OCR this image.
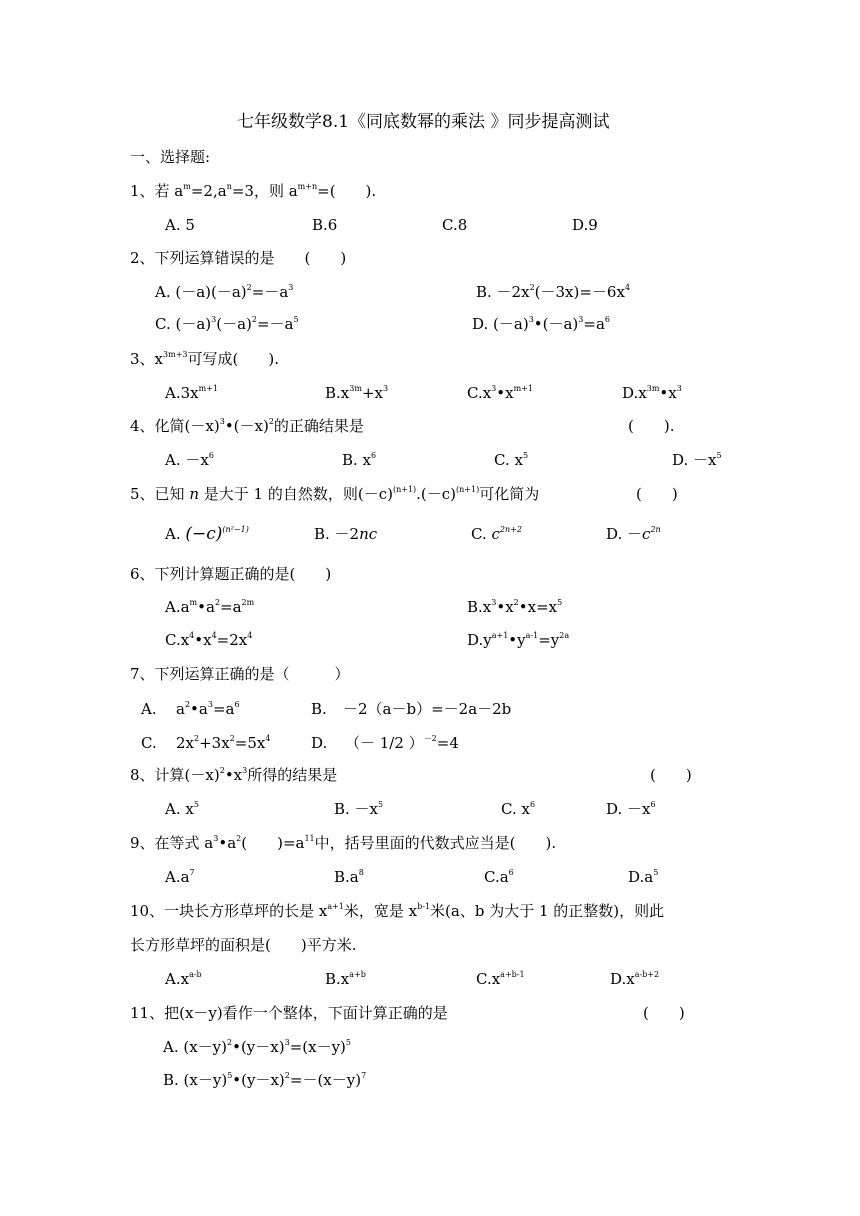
七年级数学8.1《同底数幂的乘法 》同步提高测试
一、选择题:
1、若 $a^m=2,a^n=3$，则 $a^{m+n}=$(　　).
A. 5	B.6	C.8	D.9
2、下列运算错误的是　　(　　)
A. $(-a)(-a)^2=-a^3$	B. $-2x^2(-3x)=-6x^4$
C. $(-a)^3(-a)^2=-a^5$	D. $(-a)^3•(-a)^3=a^6$
3、$x^{3m+3}$可写成(　　).
$A.3x^{m+1}$	$B.x^{3m}+x^3$	$C.x^3•x^{m+1}$	$D.x^{3m}•x^3$
4、化简$(-x)^3•(-x)^2$的正确结果是	(　　).
A. $-x^6$	B. $x^6$	C. $x^5$	D. $-x^5$
5、已知 n 是大于 1 的自然数，则$(-c)^{(n+1)}.(-c)^{(n+1)}$可化简为	(　　)
A. $(-c)^{(n^2-1)}$	B. －2nc	C. $c^{2n+2}$	D. $-c^{2n}$
6、下列计算题正确的是(　　)
$A.a^m•a^2=a^{2m}$	$B.x^3•x^2•x=x^5$
$C.x^4•x^4=2x^4$	$D.y^{a+1}•y^{a-1}=y^{2a}$
7、下列运算正确的是（　　　）
A. $a^2•a^3=a^6$	B. －2（a－b）=－2a－2b
C. $2x^2+3x^2=5x^4$	D. （－ 1/2 ）$^{-2}$=4
8、计算$(-x)^2•x^3$所得的结果是	(　　)
A. $x^5$	B. $-x^5$	C. $x^6$	D. $-x^6$
9、在等式 $a^3•a^2$(　　)$=a^{11}$中，括号里面的代数式应当是(　　).
$A.a^7$	$B.a^8$	$C.a^6$	$D.a^5$
10、一块长方形草坪的长是 $x^{a+1}$米，宽是 $x^{b-1}$米(a、b 为大于 1 的正整数)，则此
长方形草坪的面积是(　　)平方米.
$A.x^{a-b}$	$B.x^{a+b}$	$C.x^{a+b-1}$	$D.x^{a-b+2}$
11、把(x－y)看作一个整体，下面计算正确的是	(　　)
A. $(x-y)^2•(y-x)^3=(x-y)^5$
B. $(x-y)^5•(y-x)^2=-(x-y)^7$
